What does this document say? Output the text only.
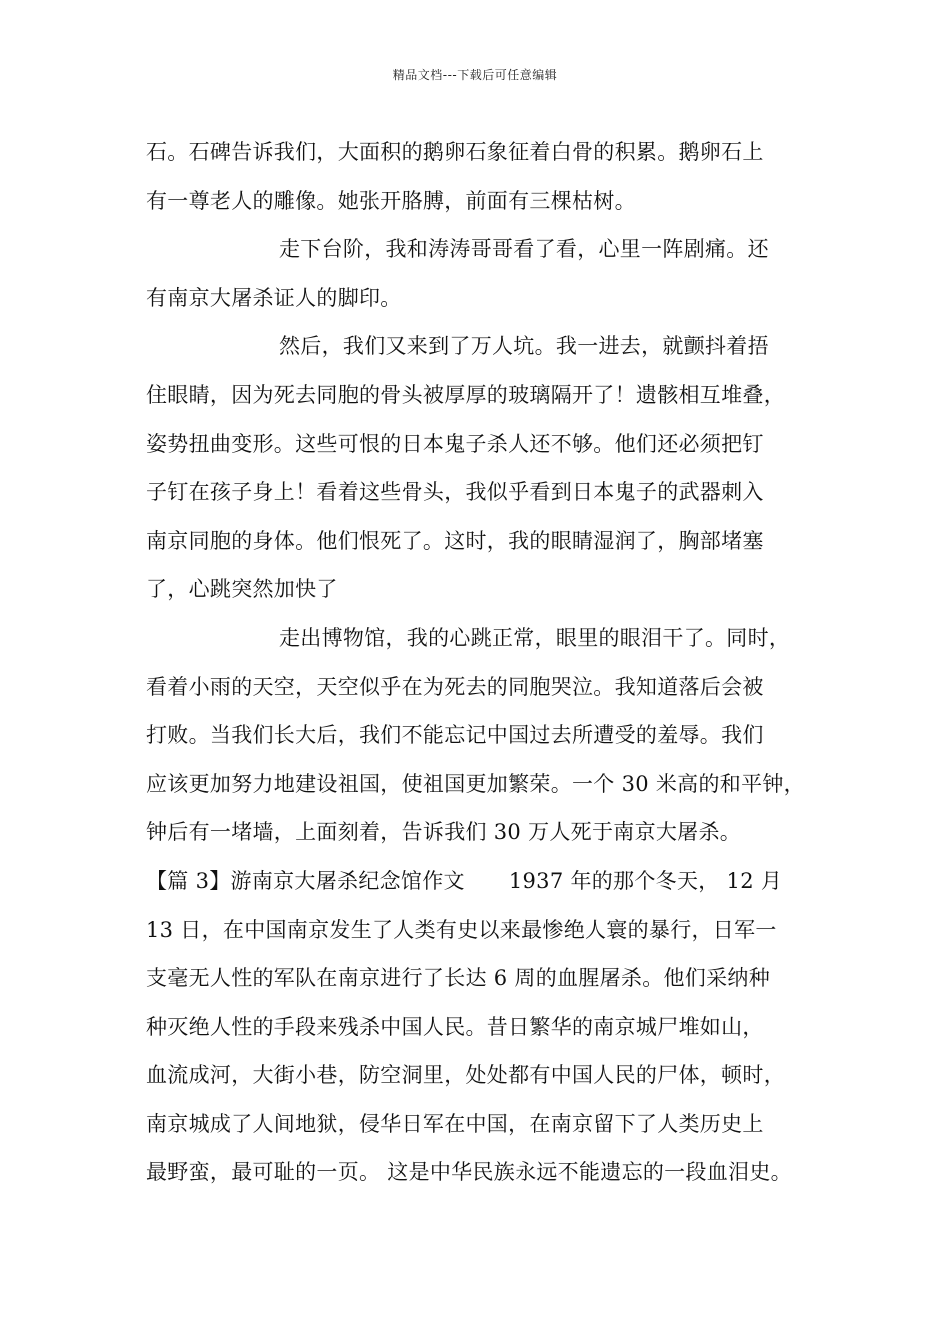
精品文档---下载后可任意编辑
石。石碑告诉我们，大面积的鹅卵石象征着白骨的积累。鹅卵石上
有一尊老人的雕像。她张开胳膊，前面有三棵枯树。
走下台阶，我和涛涛哥哥看了看，心里一阵剧痛。还
有南京大屠杀证人的脚印。
然后，我们又来到了万人坑。我一进去，就颤抖着捂
住眼睛，因为死去同胞的骨头被厚厚的玻璃隔开了！遗骸相互堆叠，
姿势扭曲变形。这些可恨的日本鬼子杀人还不够。他们还必须把钉
子钉在孩子身上！看着这些骨头，我似乎看到日本鬼子的武器刺入
南京同胞的身体。他们恨死了。这时，我的眼睛湿润了，胸部堵塞
了，心跳突然加快了
走出博物馆，我的心跳正常，眼里的眼泪干了。同时，
看着小雨的天空，天空似乎在为死去的同胞哭泣。我知道落后会被
打败。当我们长大后，我们不能忘记中国过去所遭受的羞辱。我们
应该更加努力地建设祖国，使祖国更加繁荣。一个 30 米高的和平钟，
钟后有一堵墙，上面刻着，告诉我们 30 万人死于南京大屠杀。
【篇 3】游南京大屠杀纪念馆作文 1937 年的那个冬天， 12 月
13 日，在中国南京发生了人类有史以来最惨绝人寰的暴行，日军一
支毫无人性的军队在南京进行了长达 6 周的血腥屠杀。他们采纳种
种灭绝人性的手段来残杀中国人民。昔日繁华的南京城尸堆如山，
血流成河，大街小巷，防空洞里，处处都有中国人民的尸体，顿时，
南京城成了人间地狱，侵华日军在中国，在南京留下了人类历史上
最野蛮，最可耻的一页。 这是中华民族永远不能遗忘的一段血泪史。
